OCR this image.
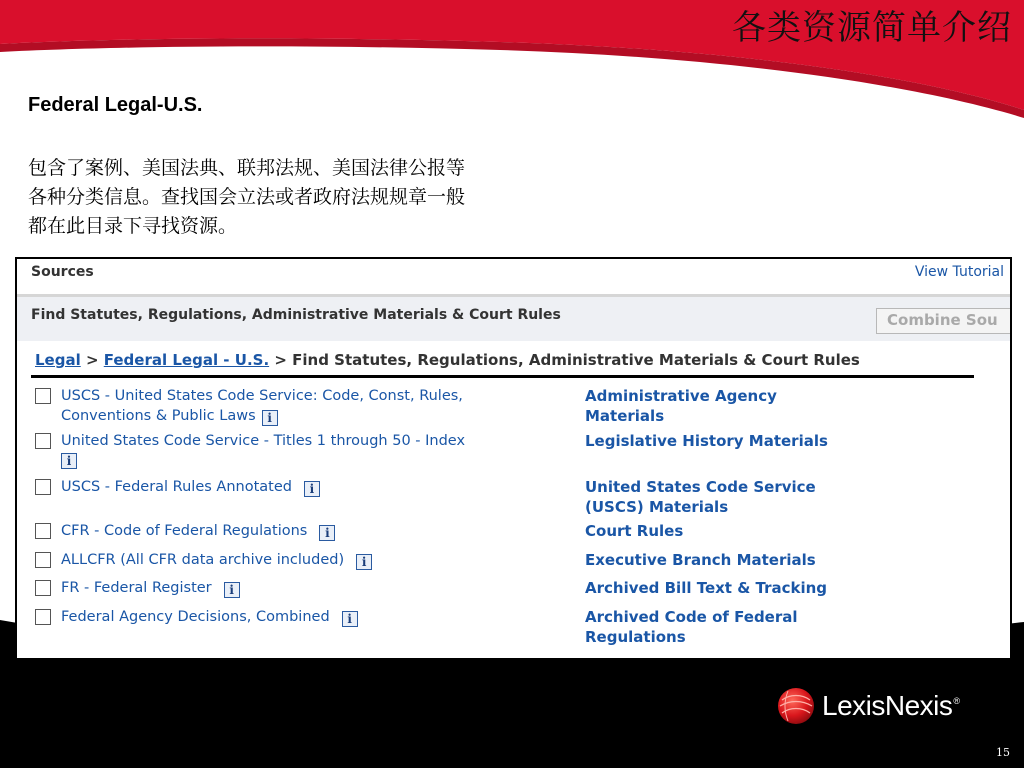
各类资源简单介绍
Federal Legal-U.S.
包含了案例、美国法典、联邦法规、美国法律公报等
各种分类信息。查找国会立法或者政府法规规章一般
都在此目录下寻找资源。
Sources	View Tutorial
Find Statutes, Regulations, Administrative Materials & Court Rules	Combine Sou
Legal > Federal Legal - U.S. > Find Statutes, Regulations, Administrative Materials & Court Rules
USCS - United States Code Service: Code, Const, Rules,
Conventions & Public Laws i
United States Code Service - Titles 1 through 50 - Index
i
USCS - Federal Rules Annotated i
CFR - Code of Federal Regulations i
ALLCFR (All CFR data archive included) i
FR - Federal Register i
Federal Agency Decisions, Combined i
Administrative Agency
Materials
Legislative History Materials
United States Code Service
(USCS) Materials
Court Rules
Executive Branch Materials
Archived Bill Text & Tracking
Archived Code of Federal
Regulations
LexisNexis ®
15
